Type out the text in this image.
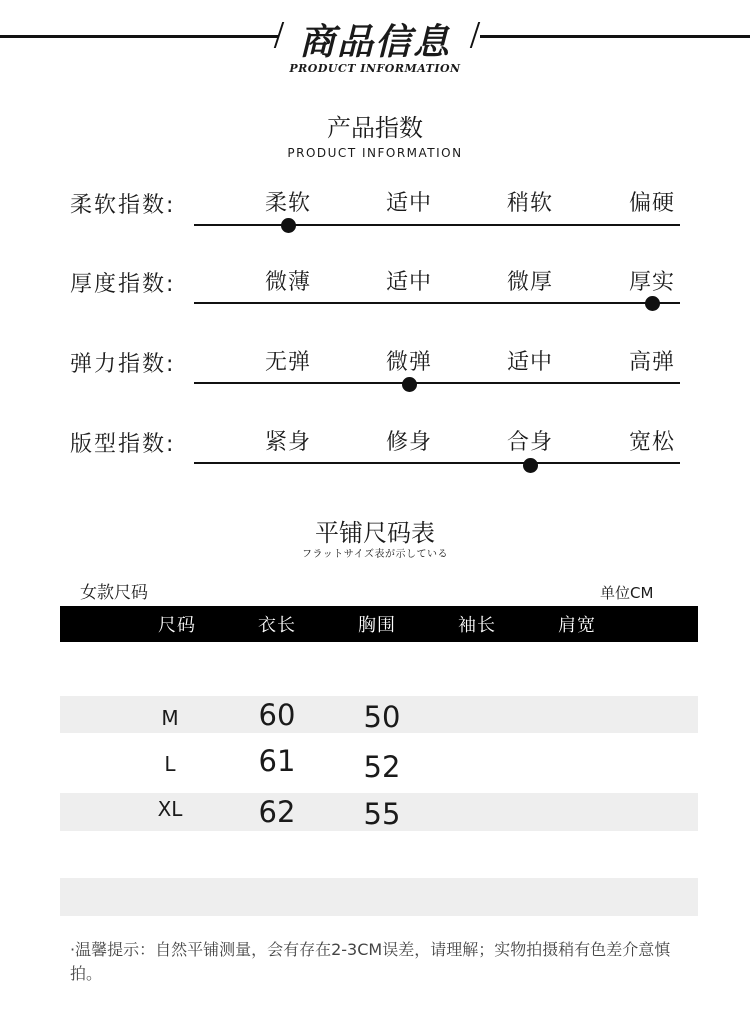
商品信息
PRODUCT INFORMATION
产品指数
PRODUCT INFORMATION
柔软指数:	柔软	适中	稍软	偏硬
厚度指数:	微薄	适中	微厚	厚实
弹力指数:	无弹	微弹	适中	高弹
版型指数:	紧身	修身	合身	宽松
平铺尺码表
フラットサイズ表が示している
女款尺码	单位CM
尺码	衣长	胸围	袖长	肩宽
M	60	50
L	61	52
XL	62	55
·温馨提示：自然平铺测量，会有存在2-3CM误差，请理解；实物拍摄稍有色差介意慎拍。
